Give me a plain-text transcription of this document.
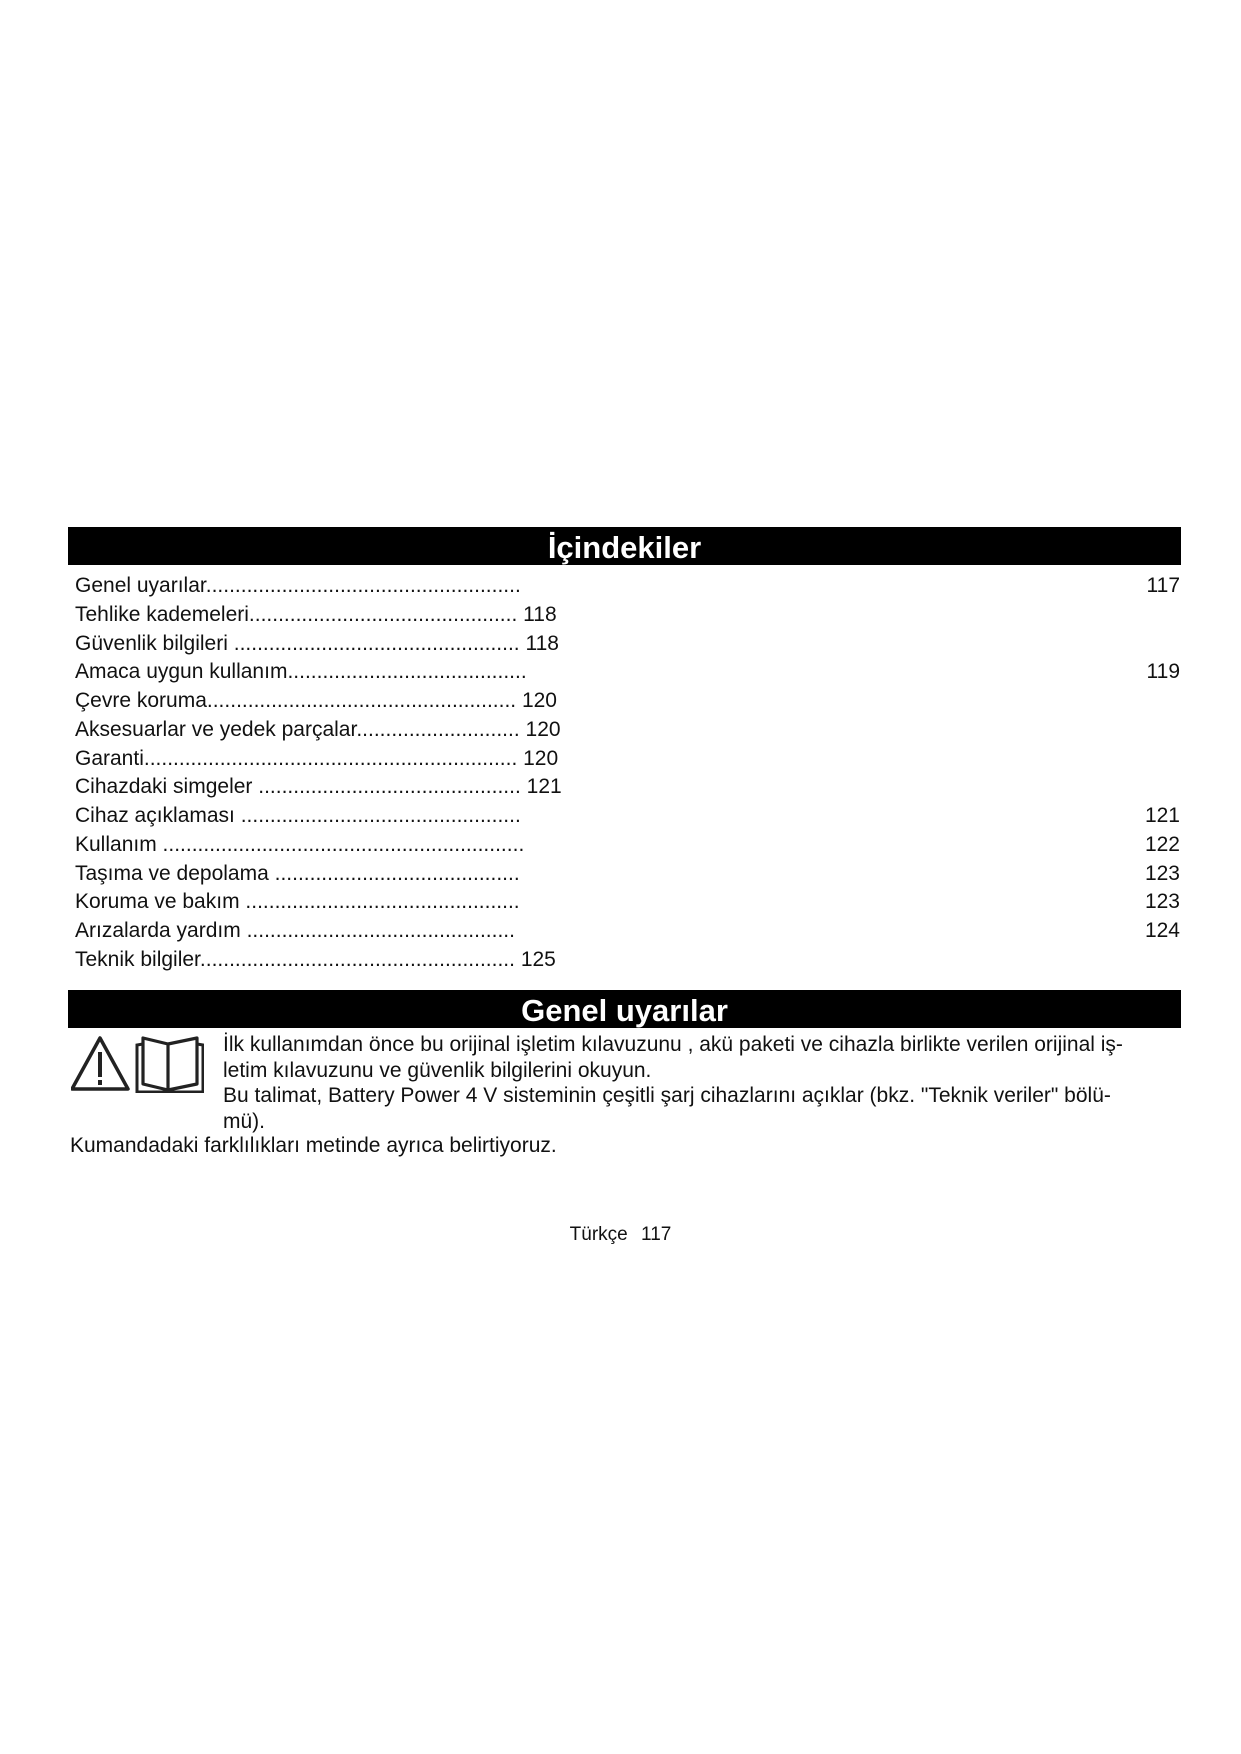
İçindekiler
Genel uyarılar......................................................	117
Tehlike kademeleri.............................................. 118
Güvenlik bilgileri ................................................. 118
Amaca uygun kullanım.........................................	119
Çevre koruma..................................................... 120
Aksesuarlar ve yedek parçalar............................ 120
Garanti................................................................ 120
Cihazdaki simgeler ............................................. 121
Cihaz açıklaması ................................................	121
Kullanım ..............................................................	122
Taşıma ve depolama ..........................................	123
Koruma ve bakım ...............................................	123
Arızalarda yardım ..............................................	124
Teknik bilgiler...................................................... 125
Genel uyarılar

İlk kullanımdan önce bu orijinal işletim kılavuzunu , akü paketi ve cihazla birlikte verilen orijinal iş-

letim kılavuzunu ve güvenlik bilgilerini okuyun.

Bu talimat, Battery Power 4 V sisteminin çeşitli şarj cihazlarını açıklar (bkz. "Teknik veriler" bölü-

mü).

Kumandadaki farklılıkları metinde ayrıca belirtiyoruz.

Türkçe 117
